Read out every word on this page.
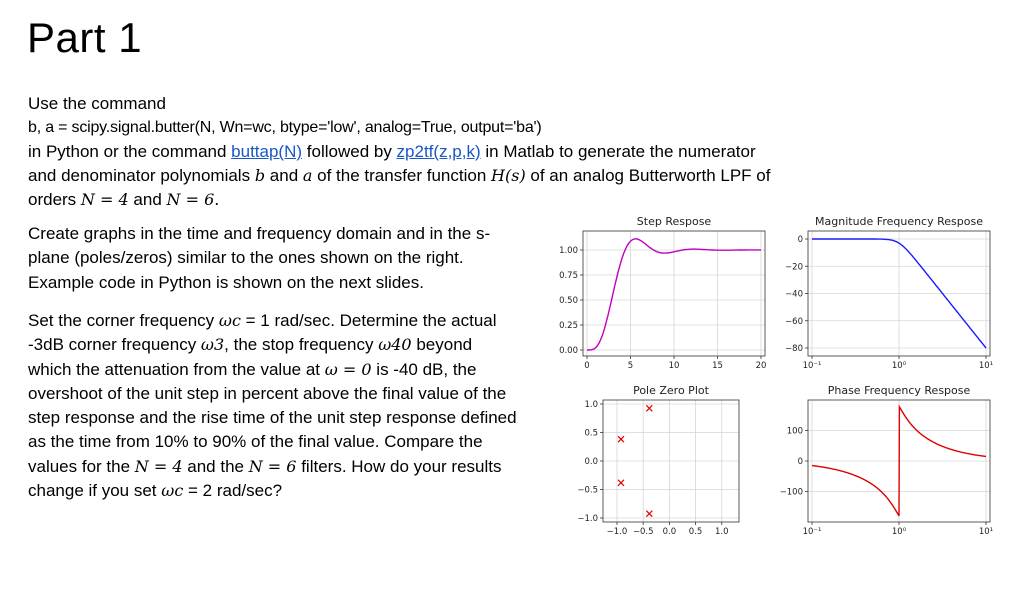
Part 1
Use the command
b, a = scipy.signal.butter(N, Wn=wc, btype='low', analog=True, output='ba')
in Python or the command buttap(N) followed by zp2tf(z,p,k) in Matlab to generate the numerator
and denominator polynomials b and a of the transfer function H(s) of an analog Butterworth LPF of
orders N = 4 and N = 6.
Create graphs in the time and frequency domain and in the s-plane (poles/zeros) similar to the ones shown on the right. Example code in Python is shown on the next slides.
Set the corner frequency ωc = 1 rad/sec. Determine the actual -3dB corner frequency ω3, the stop frequency ω40 beyond which the attenuation from the value at ω = 0 is -40 dB, the overshoot of the unit step in percent above the final value of the step response and the rise time of the unit step response defined as the time from 10% to 90% of the final value. Compare the values for the N = 4 and the N = 6 filters. How do your results change if you set ωc = 2 rad/sec?
Step Respose
0	5	10	15	20
0.00
0.25
0.50
0.75
1.00
Magnitude Frequency Respose
10⁻¹	10⁰	10¹
0
−20
−40
−60
−80
Pole Zero Plot
−1.0 −0.5 0.0 0.5 1.0
−1.0
−0.5
0.0
0.5
1.0
Phase Frequency Respose
10⁻¹	10⁰	10¹
100
0
−100
